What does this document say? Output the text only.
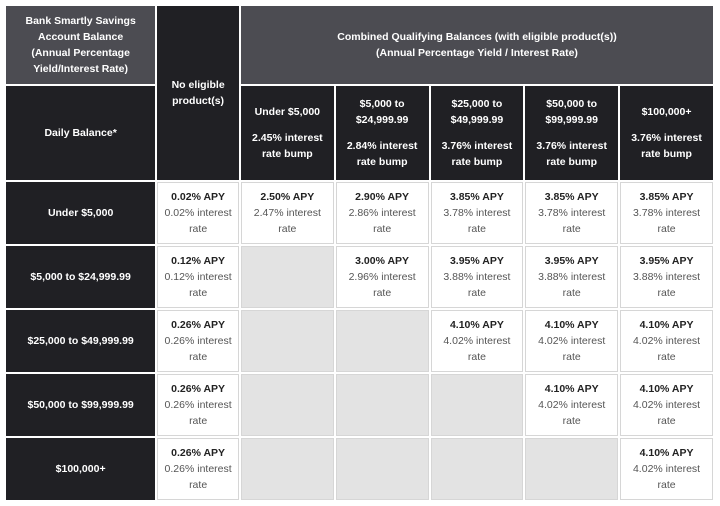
Bank Smartly Savings Account Balance (Annual Percentage Yield/Interest Rate)	No eligible product(s)	Combined Qualifying Balances (with eligible product(s))
(Annual Percentage Yield / Interest Rate)				

Daily Balance*		Under $5,000
2.45% interest
rate bump	$5,000 to
$24,999.99
2.84% interest
rate bump	$25,000 to
$49,999.99
3.76% interest
rate bump	$50,000 to
$99,999.99
3.76% interest
rate bump	$100,000+
3.76% interest
rate bump

Under $5,000	0.02% APY
0.02% interest
rate	2.50% APY
2.47% interest
rate	2.90% APY
2.86% interest
rate	3.85% APY
3.78% interest
rate	3.85% APY
3.78% interest
rate	3.85% APY
3.78% interest
rate

$5,000 to $24,999.99	0.12% APY
0.12% interest
rate		3.00% APY
2.96% interest
rate	3.95% APY
3.88% interest
rate	3.95% APY
3.88% interest
rate	3.95% APY
3.88% interest
rate

$25,000 to $49,999.99	0.26% APY
0.26% interest
rate			4.10% APY
4.02% interest
rate	4.10% APY
4.02% interest
rate	4.10% APY
4.02% interest
rate

$50,000 to $99,999.99	0.26% APY
0.26% interest
rate				4.10% APY
4.02% interest
rate	4.10% APY
4.02% interest
rate

$100,000+	0.26% APY
0.26% interest
rate					4.10% APY
4.02% interest
rate
